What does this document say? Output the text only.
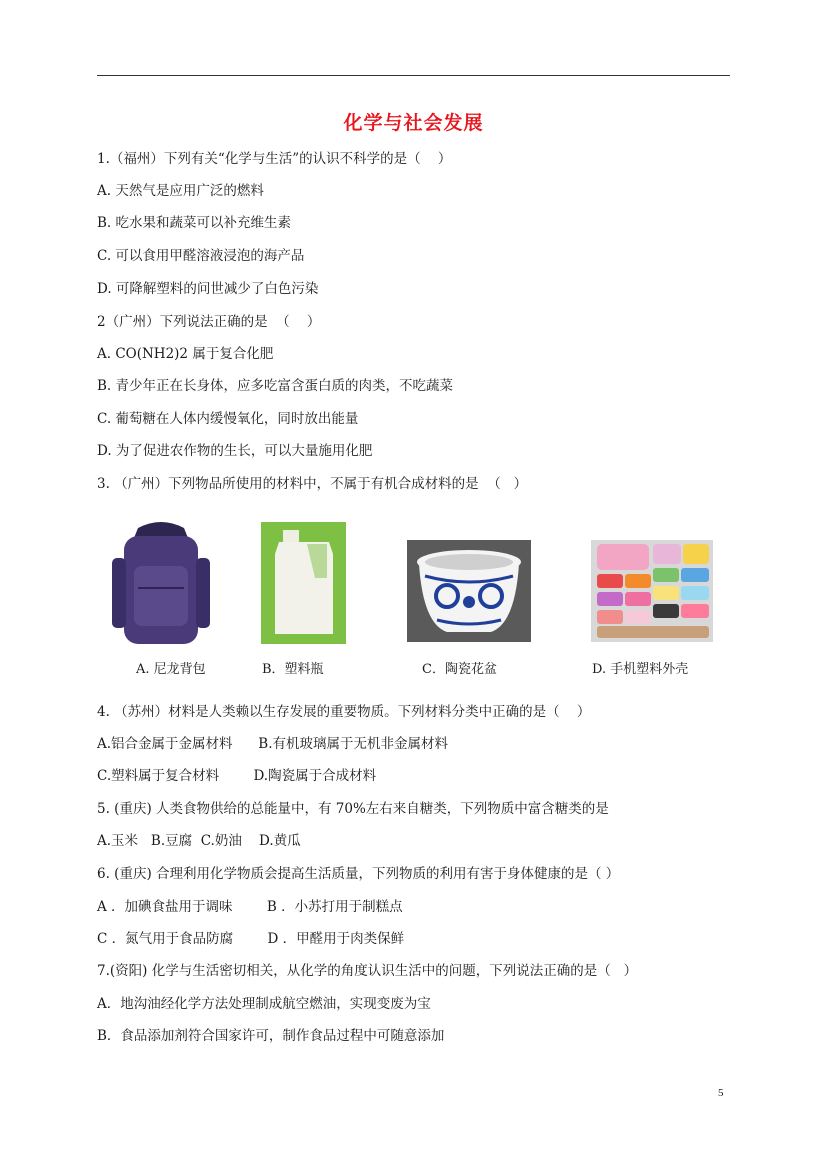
化学与社会发展
1.（福州）下列有关“化学与生活”的认识不科学的是（    ）
A. 天然气是应用广泛的燃料
B. 吃水果和蔬菜可以补充维生素
C. 可以食用甲醛溶液浸泡的海产品
D. 可降解塑料的问世减少了白色污染
2（广州）下列说法正确的是  （    ）
A. CO(NH2)2 属于复合化肥
B. 青少年正在长身体，应多吃富含蛋白质的肉类，不吃蔬菜
C. 葡萄糖在人体内缓慢氧化，同时放出能量
D. 为了促进农作物的生长，可以大量施用化肥
3. （广州）下列物品所使用的材料中，不属于有机合成材料的是  （   ）
A. 尼龙背包	B．塑料瓶	C．陶瓷花盆	D. 手机塑料外壳
4. （苏州）材料是人类赖以生存发展的重要物质。下列材料分类中正确的是（    ）
A.铝合金属于金属材料      B.有机玻璃属于无机非金属材料
C.塑料属于复合材料        D.陶瓷属于合成材料
5. (重庆) 人类食物供给的总能量中，有 70%左右来自糖类，下列物质中富含糖类的是
A.玉米   B.豆腐  C.奶油    D.黄瓜
6. (重庆) 合理利用化学物质会提高生活质量，下列物质的利用有害于身体健康的是（ ）
A ．加碘食盐用于调味        B ．小苏打用于制糕点
C ．氮气用于食品防腐        D ．甲醛用于肉类保鲜
7.(资阳) 化学与生活密切相关，从化学的角度认识生活中的问题，下列说法正确的是（   ）
A．地沟油经化学方法处理制成航空燃油，实现变废为宝
B．食品添加剂符合国家许可，制作食品过程中可随意添加
5
